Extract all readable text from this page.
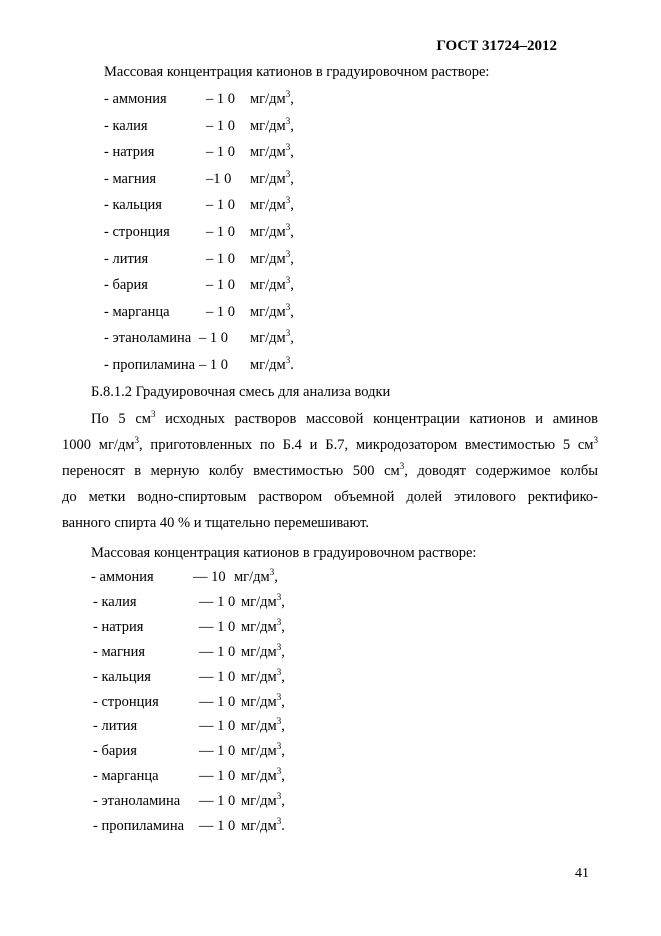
ГОСТ 31724–2012
Массовая концентрация катионов в градуировочном растворе:
- аммония	– 1 0 $мг/дм^3$,
- калия	– 1 0 $мг/дм^3$,
- натрия	– 1 0 $мг/дм^3$,
- магния	–1 0 $мг/дм^3$,
- кальция	– 1 0 $мг/дм^3$,
- стронция – 1 0 $мг/дм^3$,
- лития	– 1 0 $мг/дм^3$,
- бария	– 1 0 $мг/дм^3$,
- марганца	– 1 0 $мг/дм^3$,
- этаноламина – 1 0 $мг/дм^3$,
- пропиламина – 1 0 $мг/дм^3$.
Б.8.1.2 Градуировочная смесь для анализа водки
По 5 $см^3$ исходных растворов массовой концентрации катионов и аминов
1000 $мг/дм^3$, приготовленных по Б.4 и Б.7, микродозатором вместимостью 5 $см^3$
переносят в мерную колбу вместимостью 500 $см^3$, доводят содержимое колбы
до метки водно-спиртовым раствором объемной долей этилового ректифико-
ванного спирта 40 % и тщательно перемешивают.
Массовая концентрация катионов в градуировочном растворе:
- аммония	— 10 $мг/дм^3$,
- калия	— 1 0 $мг/дм^3$,
- натрия	— 1 0 $мг/дм^3$,
- магния	— 1 0 $мг/дм^3$,
- кальция	— 1 0 $мг/дм^3$,
- стронция	— 1 0 $мг/дм^3$,
- лития	— 1 0 $мг/дм^3$,
- бария	— 1 0 $мг/дм^3$,
- марганца	— 1 0 $мг/дм^3$,
- этаноламина — 1 0 $мг/дм^3$,
- пропиламина — 1 0 $мг/дм^3$.
41
